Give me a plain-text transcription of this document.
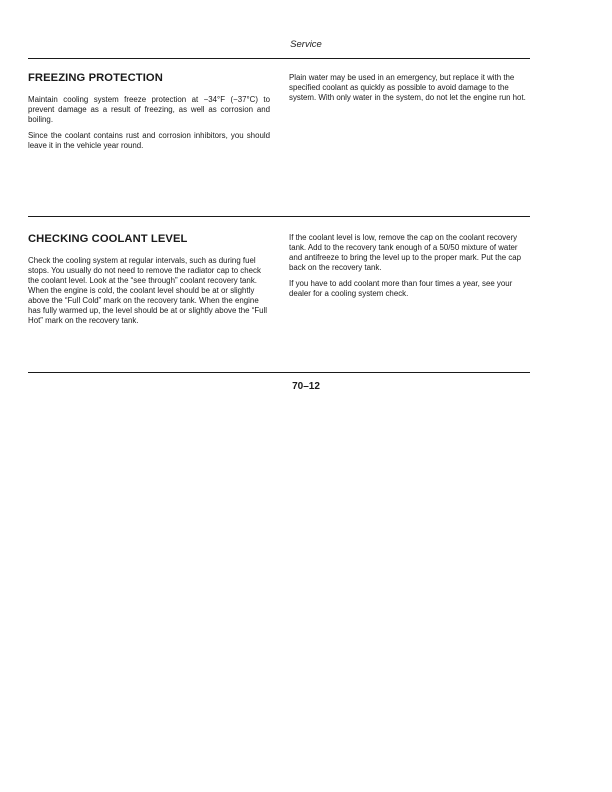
Service
FREEZING PROTECTION

Maintain cooling system freeze protection at −34°F (−37°C) to prevent damage as a result of freezing, as well as corrosion and boiling.

Since the coolant contains rust and corrosion inhibitors, you should leave it in the vehicle year round.

Plain water may be used in an emergency, but replace it with the specified coolant as quickly as possible to avoid damage to the system. With only water in the system, do not let the engine run hot.

CHECKING COOLANT LEVEL

Check the cooling system at regular intervals, such as during fuel stops. You usually do not need to remove the radiator cap to check the coolant level. Look at the “see through” coolant recovery tank. When the engine is cold, the coolant level should be at or slightly above the “Full Cold” mark on the recovery tank. When the engine has fully warmed up, the level should be at or slightly above the “Full Hot” mark on the recovery tank.

If the coolant level is low, remove the cap on the coolant recovery tank. Add to the recovery tank enough of a 50/50 mixture of water and antifreeze to bring the level up to the proper mark. Put the cap back on the recovery tank.

If you have to add coolant more than four times a year, see your dealer for a cooling system check.

70–12
